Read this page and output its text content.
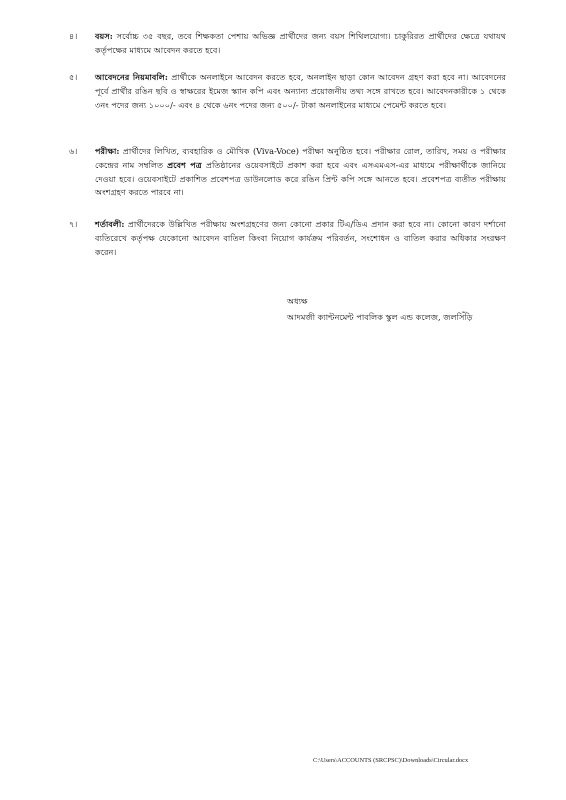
৪। বয়স: সর্বোচ্চ ৩৫ বছর, তবে শিক্ষকতা পেশায় অভিজ্ঞ প্রার্থীদের জন্য বয়স শিথিলযোগ্য। চাকুরিরত প্রার্থীদের ক্ষেত্রে যথাযথ কর্তৃপক্ষের মাধ্যমে আবেদন করতে হবে।
৫। আবেদনের নিয়মাবলি: প্রার্থীকে অনলাইনে আবেদন করতে হবে, অনলাইন ছাড়া কোন আবেদন গ্রহণ করা হবে না। আবেদনের পূর্বে প্রার্থীর রঙিন ছবি ও স্বাক্ষরের ইমেজ স্ক্যান কপি এবং অন্যান্য প্রয়োজনীয় তথ্য সঙ্গে রাখতে হবে। আবেদনকারীকে ১ থেকে ৩নং পদের জন্য ১০০০/- এবং ৪ থেকে ৬নং পদের জন্য ৫০০/- টাকা অনলাইনের মাধ্যমে পেমেন্ট করতে হবে।
৬। পরীক্ষা: প্রার্থীদের লিখিত, ব্যবহারিক ও মৌখিক (Viva-Voce) পরীক্ষা অনুষ্ঠিত হবে। পরীক্ষার রোল, তারিখ, সময় ও পরীক্ষার কেন্দ্রের নাম সম্বলিত প্রবেশ পত্র প্রতিষ্ঠানের ওয়েবসাইটে প্রকাশ করা হবে এবং এসএমএস-এর মাধ্যমে পরীক্ষার্থীকে জানিয়ে দেওয়া হবে। ওয়েবসাইটে প্রকাশিত প্রবেশপত্র ডাউনলোড করে রঙিন প্রিন্ট কপি সঙ্গে আনতে হবে। প্রবেশপত্র ব্যতীত পরীক্ষায় অংশগ্রহণ করতে পারবে না।
৭। শর্তাবলী: প্রার্থীদেরকে উল্লিখিত পরীক্ষায় অংশগ্রহণের জন্য কোনো প্রকার টিএ/ডিএ প্রদান করা হবে না। কোনো কারণ দর্শানো ব্যতিরেখে কর্তৃপক্ষ যেকোনো আবেদন বাতিল কিংবা নিয়োগ কার্যক্রম পরিবর্তন, সংশোধন ও বাতিল করার অধিকার সংরক্ষণ করেন।
অধ্যক্ষ
আদমজী ক্যান্টনমেন্ট পাবলিক স্কুল এন্ড কলেজ, জলসিঁড়ি
C:\Users\ACCOUNTS (SRCPSC)\Downloads\Circular.docx
